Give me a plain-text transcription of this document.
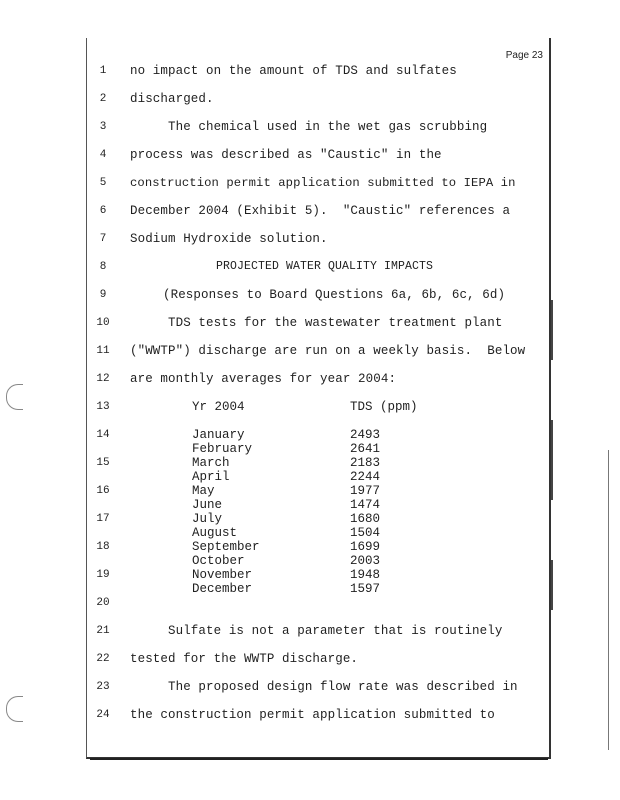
Page 23
1
2
3
4
5
6
7
8
9
10
11
12
13
14
15
16
17
18
19
20
21
22
23
24
no impact on the amount of TDS and sulfates
discharged.
The chemical used in the wet gas scrubbing
process was described as "Caustic" in the
construction permit application submitted to IEPA in
December 2004 (Exhibit 5).  "Caustic" references a
Sodium Hydroxide solution.
PROJECTED WATER QUALITY IMPACTS
(Responses to Board Questions 6a, 6b, 6c, 6d)
TDS tests for the wastewater treatment plant
("WWTP") discharge are run on a weekly basis.  Below
are monthly averages for year 2004:
Sulfate is not a parameter that is routinely
tested for the WWTP discharge.
The proposed design flow rate was described in
the construction permit application submitted to
Yr 2004	TDS (ppm)
January	2493
February	2641
March	2183
April	2244
May	1977
June	1474
July	1680
August	1504
September	1699
October	2003
November	1948
December	1597
